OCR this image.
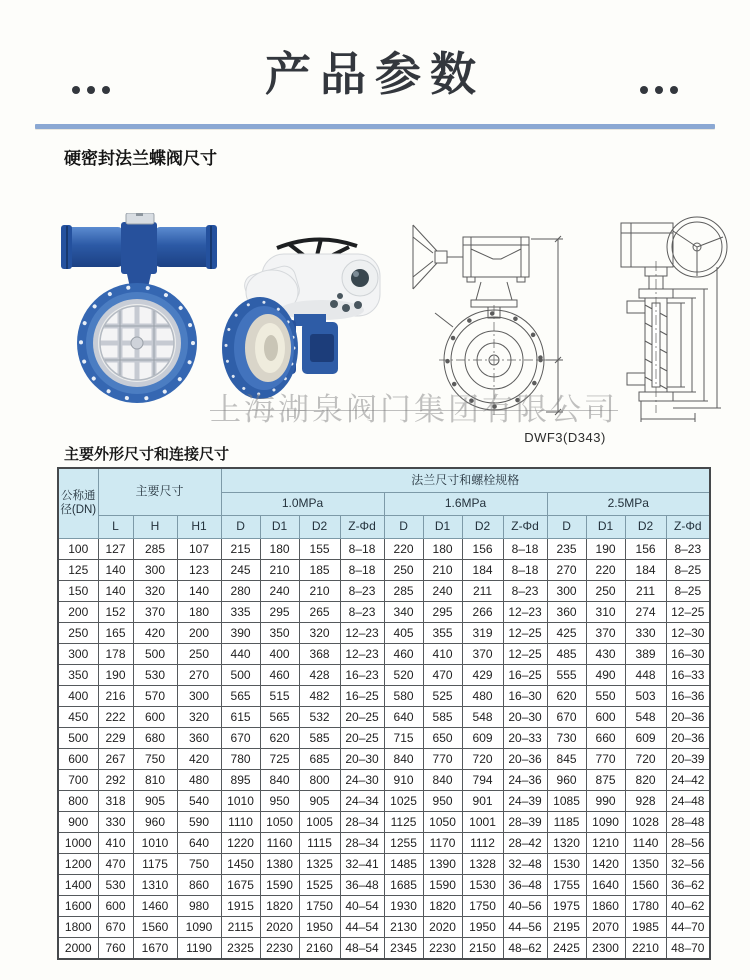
产品参数
硬密封法兰蝶阀尺寸
上海湖泉阀门集团有限公司
DWF3(D343)
主要外形尺寸和连接尺寸
公称通径(DN)	主要尺寸			法兰尺寸和螺栓规格											
				1.0MPa				1.6MPa				2.5MPa			
	L	H	H1	D	D1	D2	Z-Φd	D	D1	D2	Z-Φd	D	D1	D2	Z-Φd
100	127	285	107	215	180	155	8–18	220	180	156	8–18	235	190	156	8–23
125	140	300	123	245	210	185	8–18	250	210	184	8–18	270	220	184	8–25
150	140	320	140	280	240	210	8–23	285	240	211	8–23	300	250	211	8–25
200	152	370	180	335	295	265	8–23	340	295	266	12–23	360	310	274	12–25
250	165	420	200	390	350	320	12–23	405	355	319	12–25	425	370	330	12–30
300	178	500	250	440	400	368	12–23	460	410	370	12–25	485	430	389	16–30
350	190	530	270	500	460	428	16–23	520	470	429	16–25	555	490	448	16–33
400	216	570	300	565	515	482	16–25	580	525	480	16–30	620	550	503	16–36
450	222	600	320	615	565	532	20–25	640	585	548	20–30	670	600	548	20–36
500	229	680	360	670	620	585	20–25	715	650	609	20–33	730	660	609	20–36
600	267	750	420	780	725	685	20–30	840	770	720	20–36	845	770	720	20–39
700	292	810	480	895	840	800	24–30	910	840	794	24–36	960	875	820	24–42
800	318	905	540	1010	950	905	24–34	1025	950	901	24–39	1085	990	928	24–48
900	330	960	590	1110	1050	1005	28–34	1125	1050	1001	28–39	1185	1090	1028	28–48
1000	410	1010	640	1220	1160	1115	28–34	1255	1170	1112	28–42	1320	1210	1140	28–56
1200	470	1175	750	1450	1380	1325	32–41	1485	1390	1328	32–48	1530	1420	1350	32–56
1400	530	1310	860	1675	1590	1525	36–48	1685	1590	1530	36–48	1755	1640	1560	36–62
1600	600	1460	980	1915	1820	1750	40–54	1930	1820	1750	40–56	1975	1860	1780	40–62
1800	670	1560	1090	2115	2020	1950	44–54	2130	2020	1950	44–56	2195	2070	1985	44–70
2000	760	1670	1190	2325	2230	2160	48–54	2345	2230	2150	48–62	2425	2300	2210	48–70
